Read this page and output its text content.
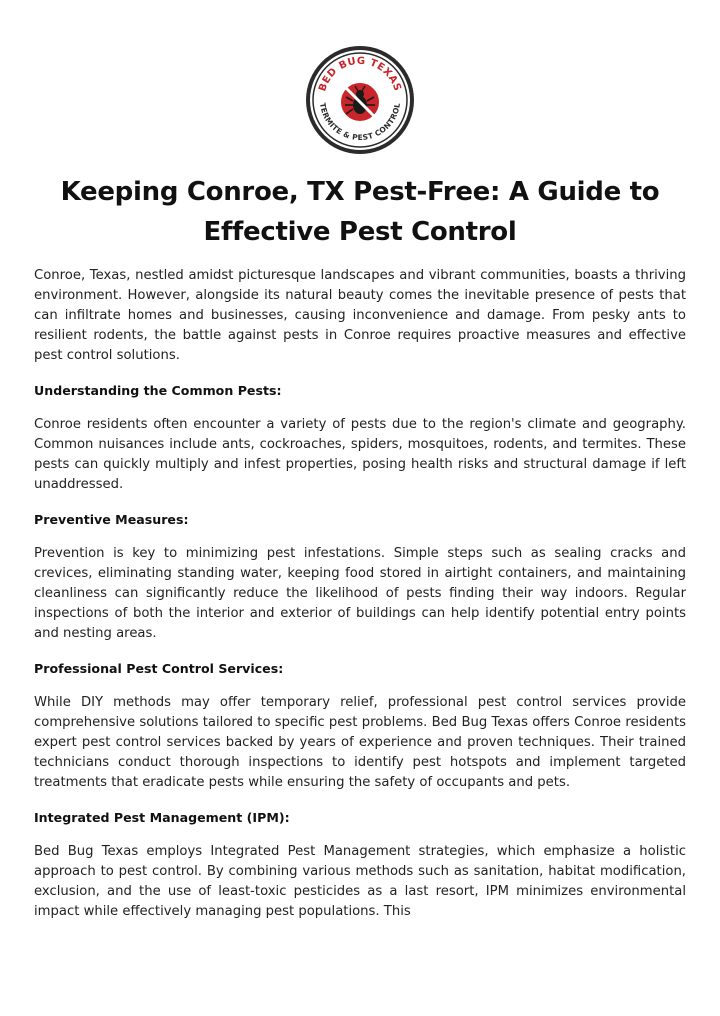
BED BUG TEXAS
TERMITE & PEST CONTROL
Keeping Conroe, TX Pest-Free: A Guide to Effective Pest Control

Conroe, Texas, nestled amidst picturesque landscapes and vibrant communities, boasts a thriving environment. However, alongside its natural beauty comes the inevitable presence of pests that can infiltrate homes and businesses, causing inconvenience and damage. From pesky ants to resilient rodents, the battle against pests in Conroe requires proactive measures and effective pest control solutions.

Understanding the Common Pests:

Conroe residents often encounter a variety of pests due to the region's climate and geography. Common nuisances include ants, cockroaches, spiders, mosquitoes, rodents, and termites. These pests can quickly multiply and infest properties, posing health risks and structural damage if left unaddressed.

Preventive Measures:

Prevention is key to minimizing pest infestations. Simple steps such as sealing cracks and crevices, eliminating standing water, keeping food stored in airtight containers, and maintaining cleanliness can significantly reduce the likelihood of pests finding their way indoors. Regular inspections of both the interior and exterior of buildings can help identify potential entry points and nesting areas.

Professional Pest Control Services:

While DIY methods may offer temporary relief, professional pest control services provide comprehensive solutions tailored to specific pest problems. Bed Bug Texas offers Conroe residents expert pest control services backed by years of experience and proven techniques. Their trained technicians conduct thorough inspections to identify pest hotspots and implement targeted treatments that eradicate pests while ensuring the safety of occupants and pets.

Integrated Pest Management (IPM):

Bed Bug Texas employs Integrated Pest Management strategies, which emphasize a holistic approach to pest control. By combining various methods such as sanitation, habitat modification, exclusion, and the use of least-toxic pesticides as a last resort, IPM minimizes environmental impact while effectively managing pest populations. This
